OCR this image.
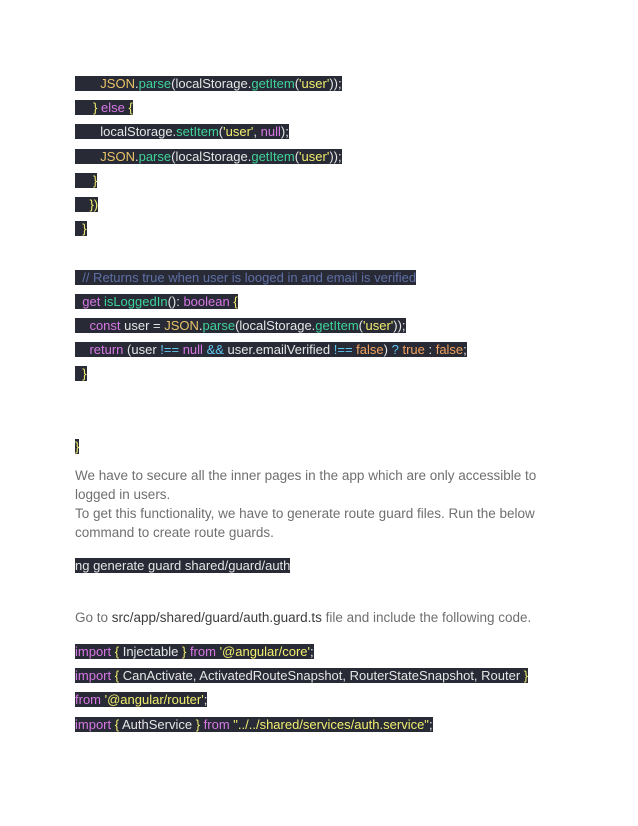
JSON.parse(localStorage.getItem('user'));
} else {
localStorage.setItem('user', null);
JSON.parse(localStorage.getItem('user'));
}
})
}
// Returns true when user is looged in and email is verified
get isLoggedIn(): boolean {
const user = JSON.parse(localStorage.getItem('user'));
return (user !== null && user.emailVerified !== false) ? true : false;
}
}
We have to secure all the inner pages in the app which are only accessible to
logged in users.
To get this functionality, we have to generate route guard files. Run the below
command to create route guards.
ng generate guard shared/guard/auth
Go to src/app/shared/guard/auth.guard.ts file and include the following code.
import { Injectable } from '@angular/core';
import { CanActivate, ActivatedRouteSnapshot, RouterStateSnapshot, Router }
from '@angular/router';
import { AuthService } from "../../shared/services/auth.service";
